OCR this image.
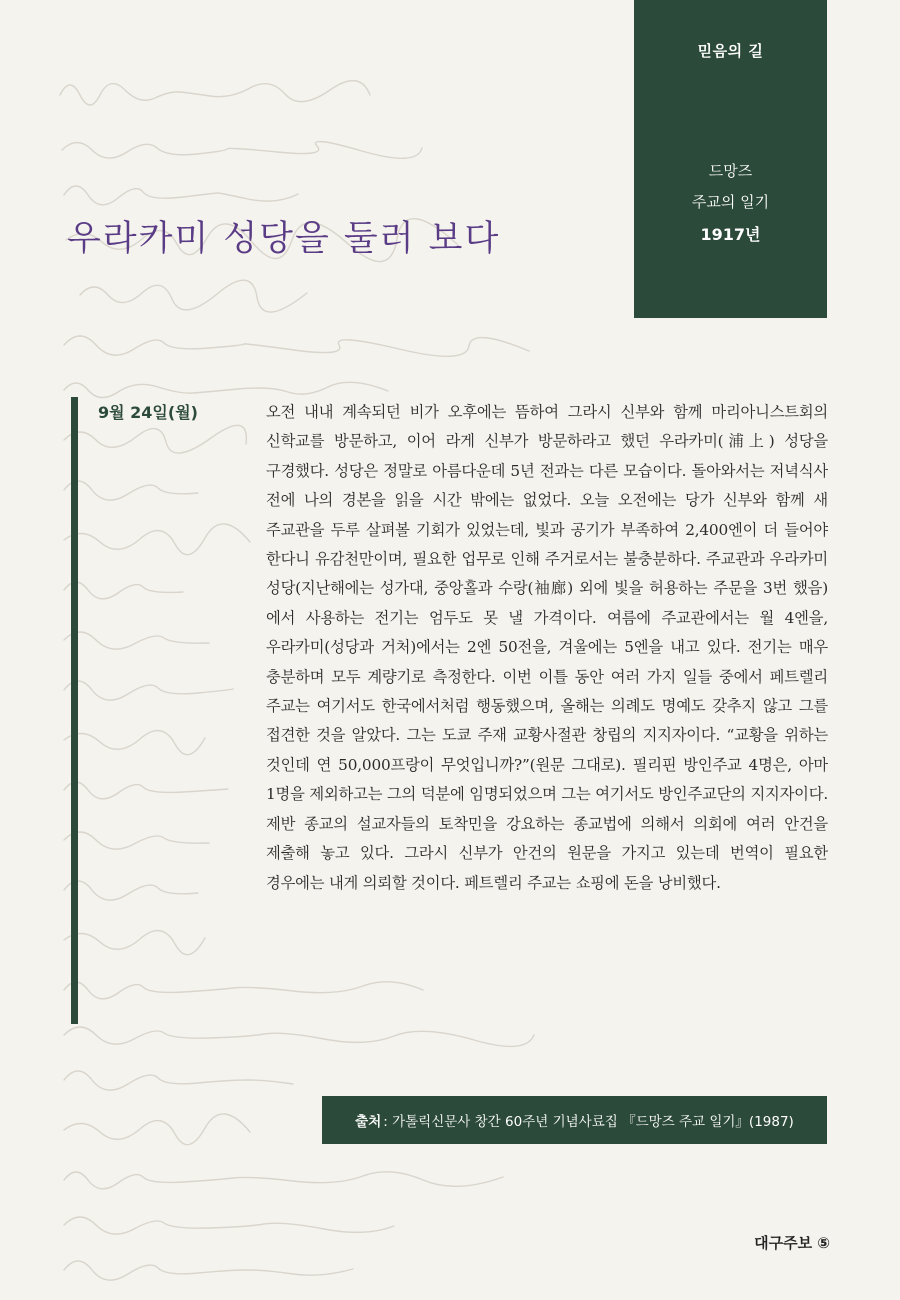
믿음의 길
드망즈
주교의 일기
1917년
우라카미 성당을 둘러 보다
9월 24일(월)	오전 내내 계속되던 비가 오후에는 뜸하여 그라시 신부와 함께 마리아니스트회의 신학교를 방문하고, 이어 라게 신부가 방문하라고 했던 우라카미(浦上) 성당을 구경했다. 성당은 정말로 아름다운데 5년 전과는 다른 모습이다. 돌아와서는 저녁식사 전에 나의 경본을 읽을 시간 밖에는 없었다. 오늘 오전에는 당가 신부와 함께 새 주교관을 두루 살펴볼 기회가 있었는데, 빛과 공기가 부족하여 2,400엔이 더 들어야 한다니 유감천만이며, 필요한 업무로 인해 주거로서는 불충분하다. 주교관과 우라카미 성당(지난해에는 성가대, 중앙홀과 수랑(袖廊) 외에 빛을 허용하는 주문을 3번 했음)에서 사용하는 전기는 엄두도 못 낼 가격이다. 여름에 주교관에서는 월 4엔을, 우라카미(성당과 거처)에서는 2엔 50전을, 겨울에는 5엔을 내고 있다. 전기는 매우 충분하며 모두 계량기로 측정한다. 이번 이틀 동안 여러 가지 일들 중에서 페트렐리 주교는 여기서도 한국에서처럼 행동했으며, 올해는 의례도 명예도 갖추지 않고 그를 접견한 것을 알았다. 그는 도쿄 주재 교황사절관 창립의 지지자이다. “교황을 위하는 것인데 연 50,000프랑이 무엇입니까?”(원문 그대로). 필리핀 방인주교 4명은, 아마 1명을 제외하고는 그의 덕분에 임명되었으며 그는 여기서도 방인주교단의 지지자이다. 제반 종교의 설교자들의 토착민을 강요하는 종교법에 의해서 의회에 여러 안건을 제출해 놓고 있다. 그라시 신부가 안건의 원문을 가지고 있는데 번역이 필요한 경우에는 내게 의뢰할 것이다. 페트렐리 주교는 쇼핑에 돈을 낭비했다.
출처 : 가톨릭신문사 창간 60주년 기념사료집 『드망즈 주교 일기』(1987)
대구주보 ⑤
